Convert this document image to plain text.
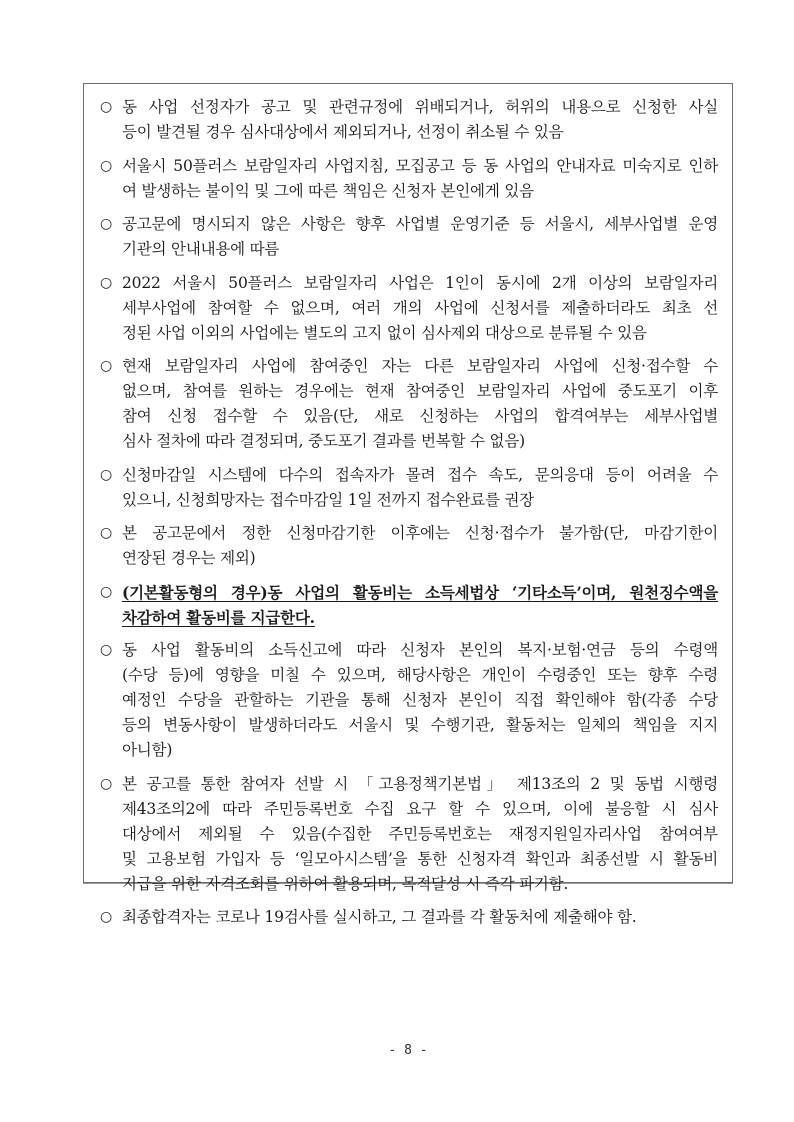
○ 동 사업 선정자가 공고 및 관련규정에 위배되거나, 허위의 내용으로 신청한 사실
등이 발견될 경우 심사대상에서 제외되거나, 선정이 취소될 수 있음
○ 서울시 50플러스 보람일자리 사업지침, 모집공고 등 동 사업의 안내자료 미숙지로 인하
여 발생하는 불이익 및 그에 따른 책임은 신청자 본인에게 있음
○ 공고문에 명시되지 않은 사항은 향후 사업별 운영기준 등 서울시, 세부사업별 운영
기관의 안내내용에 따름
○ 2022 서울시 50플러스 보람일자리 사업은 1인이 동시에 2개 이상의 보람일자리
세부사업에 참여할 수 없으며, 여러 개의 사업에 신청서를 제출하더라도 최초 선
정된 사업 이외의 사업에는 별도의 고지 없이 심사제외 대상으로 분류될 수 있음
○ 현재 보람일자리 사업에 참여중인 자는 다른 보람일자리 사업에 신청·접수할 수
없으며, 참여를 원하는 경우에는 현재 참여중인 보람일자리 사업에 중도포기 이후
참여 신청 접수할 수 있음(단, 새로 신청하는 사업의 합격여부는 세부사업별
심사 절차에 따라 결정되며, 중도포기 결과를 번복할 수 없음)
○ 신청마감일 시스템에 다수의 접속자가 몰려 접수 속도, 문의응대 등이 어려울 수
있으니, 신청희망자는 접수마감일 1일 전까지 접수완료를 권장
○ 본 공고문에서 정한 신청마감기한 이후에는 신청·접수가 불가함(단, 마감기한이
연장된 경우는 제외)
○ (기본활동형의 경우)동 사업의 활동비는 소득세법상 ‘기타소득’이며, 원천징수액을
차감하여 활동비를 지급한다.
○ 동 사업 활동비의 소득신고에 따라 신청자 본인의 복지·보험·연금 등의 수령액
(수당 등)에 영향을 미칠 수 있으며, 해당사항은 개인이 수령중인 또는 향후 수령
예정인 수당을 관할하는 기관을 통해 신청자 본인이 직접 확인해야 함(각종 수당
등의 변동사항이 발생하더라도 서울시 및 수행기관, 활동처는 일체의 책임을 지지
아니함)
○ 본 공고를 통한 참여자 선발 시 「고용정책기본법」 제13조의 2 및 동법 시행령
제43조의2에 따라 주민등록번호 수집 요구 할 수 있으며, 이에 불응할 시 심사
대상에서 제외될 수 있음(수집한 주민등록번호는 재정지원일자리사업 참여여부
및 고용보험 가입자 등 ‘일모아시스템’을 통한 신청자격 확인과 최종선발 시 활동비
지급을 위한 자격조회를 위하여 활용되며, 목적달성 시 즉각 파기함.
○ 최종합격자는 코로나 19검사를 실시하고, 그 결과를 각 활동처에 제출해야 함.
- 8 -
